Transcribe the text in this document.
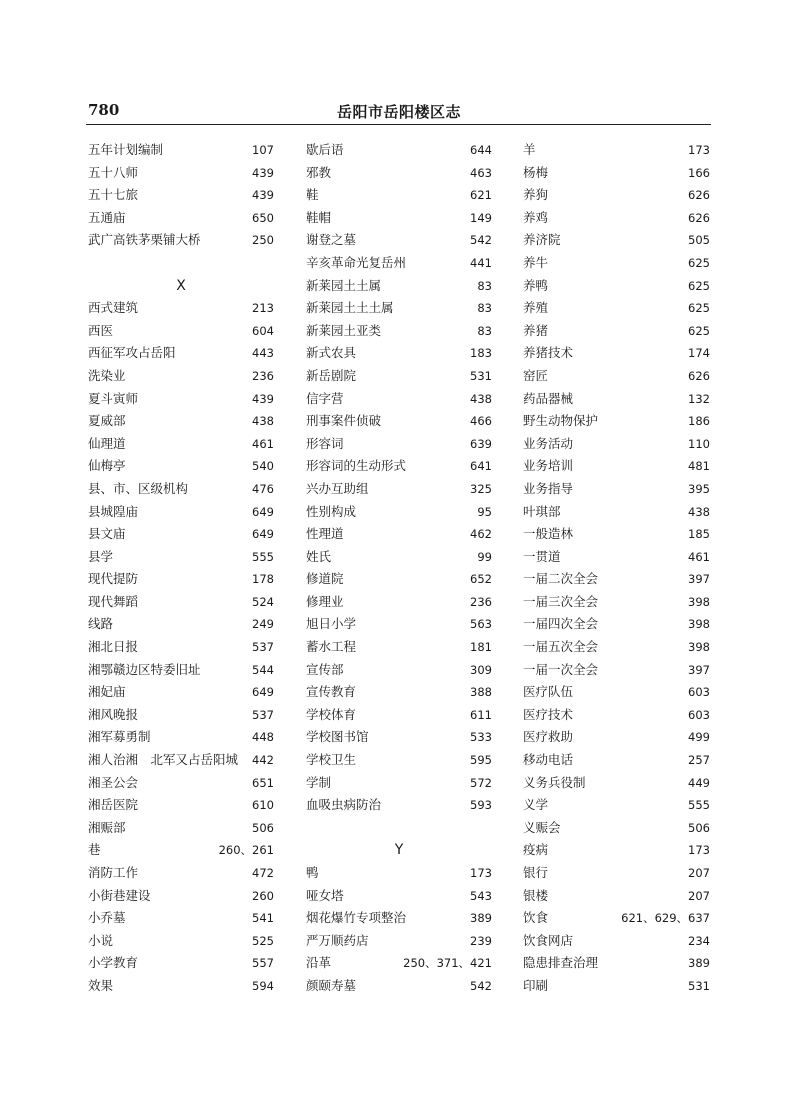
780	岳阳市岳阳楼区志
五年计划编制	107
五十八师	439
五十七旅	439
五通庙	650
武广高铁茅栗铺大桥	250
X
西式建筑	213
西医	604
西征军攻占岳阳	443
洗染业	236
夏斗寅师	439
夏威部	438
仙理道	461
仙梅亭	540
县、市、区级机构	476
县城隍庙	649
县文庙	649
县学	555
现代提防	178
现代舞蹈	524
线路	249
湘北日报	537
湘鄂赣边区特委旧址	544
湘妃庙	649
湘风晚报	537
湘军募勇制	448
湘人治湘　北军又占岳阳城 442
湘圣公会	651
湘岳医院	610
湘赈部	506
巷	260、261
消防工作	472
小街巷建设	260
小乔墓	541
小说	525
小学教育	557
效果	594
歇后语	644
邪教	463
鞋	621
鞋帽	149
谢登之墓	542
辛亥革命光复岳州	441
新莱园土土属	83
新莱园土土土属	83
新莱园土亚类	83
新式农具	183
新岳剧院	531
信字营	438
刑事案件侦破	466
形容词	639
形容词的生动形式	641
兴办互助组	325
性别构成	95
性理道	462
姓氏	99
修道院	652
修理业	236
旭日小学	563
蓄水工程	181
宣传部	309
宣传教育	388
学校体育	611
学校图书馆	533
学校卫生	595
学制	572
血吸虫病防治	593
Y
鸭	173
哑女塔	543
烟花爆竹专项整治	389
严万顺药店	239
沿革	250、371、421
颜颐寿墓	542
羊	173
杨梅	166
养狗	626
养鸡	626
养济院	505
养牛	625
养鸭	625
养殖	625
养猪	625
养猪技术	174
窑匠	626
药品器械	132
野生动物保护	186
业务活动	110
业务培训	481
业务指导	395
叶琪部	438
一般造林	185
一贯道	461
一届二次全会	397
一届三次全会	398
一届四次全会	398
一届五次全会	398
一届一次全会	397
医疗队伍	603
医疗技术	603
医疗救助	499
移动电话	257
义务兵役制	449
义学	555
义赈会	506
疫病	173
银行	207
银楼	207
饮食	621、629、637
饮食网店	234
隐患排查治理	389
印刷	531
